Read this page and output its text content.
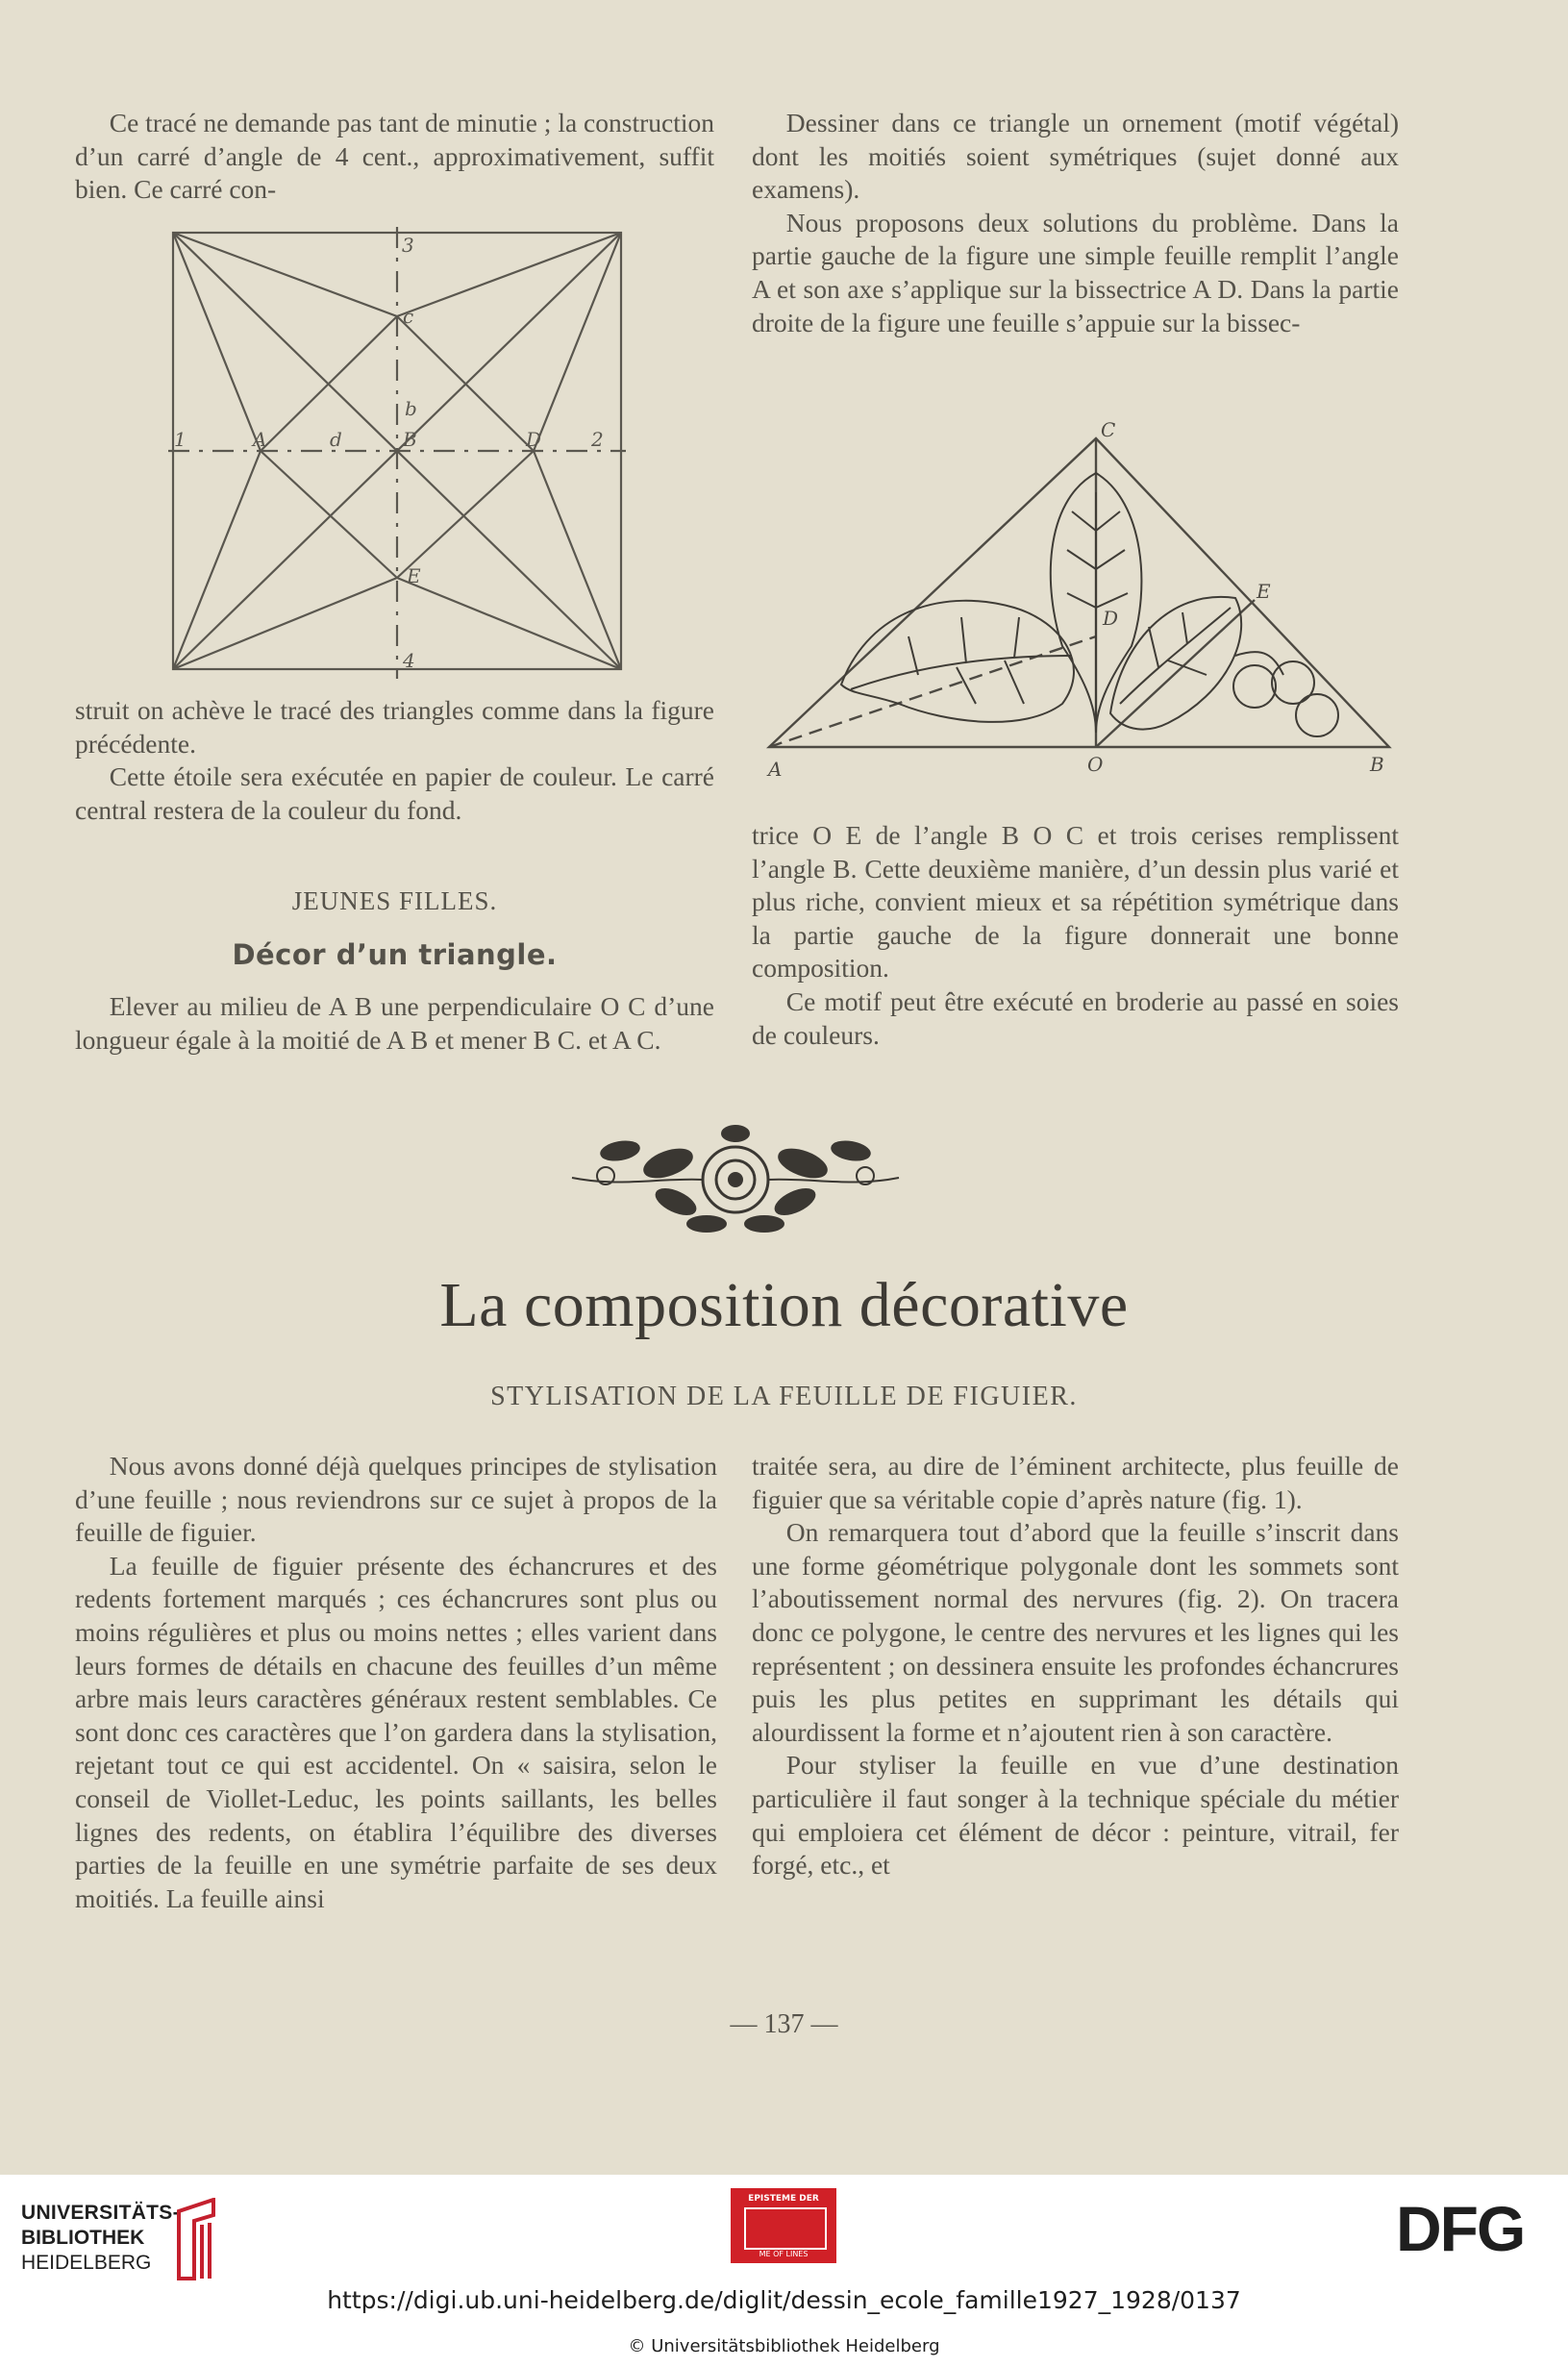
Ce tracé ne demande pas tant de minutie ; la construction d’un carré d’angle de 4 cent., approximativement, suffit bien. Ce carré con-

3
c
b
1	A	d	B	D	2
E
4

struit on achève le tracé des triangles comme dans la figure précédente.

Cette étoile sera exécutée en papier de couleur. Le carré central restera de la couleur du fond.

JEUNES FILLES.
Décor d’un triangle.

Elever au milieu de A B une perpendiculaire O C d’une longueur égale à la moitié de A B et mener B C. et A C.

Dessiner dans ce triangle un ornement (motif végétal) dont les moitiés soient symétriques (sujet donné aux examens).

Nous proposons deux solutions du problème. Dans la partie gauche de la figure une simple feuille remplit l’angle A et son axe s’applique sur la bissectrice A D. Dans la partie droite de la figure une feuille s’appuie sur la bissec-

C
A	O	B
D
E

trice O E de l’angle B O C et trois cerises remplissent l’angle B. Cette deuxième manière, d’un dessin plus varié et plus riche, convient mieux et sa répétition symétrique dans la partie gauche de la figure donnerait une bonne composition.

Ce motif peut être exécuté en broderie au passé en soies de couleurs.

La composition décorative
STYLISATION DE LA FEUILLE DE FIGUIER.

Nous avons donné déjà quelques principes de stylisation d’une feuille ; nous reviendrons sur ce sujet à propos de la feuille de figuier.

La feuille de figuier présente des échancrures et des redents fortement marqués ; ces échancrures sont plus ou moins régulières et plus ou moins nettes ; elles varient dans leurs formes de détails en chacune des feuilles d’un même arbre mais leurs caractères généraux restent semblables. Ce sont donc ces caractères que l’on gardera dans la stylisation, rejetant tout ce qui est accidentel. On « saisira, selon le conseil de Viollet-Leduc, les points saillants, les belles lignes des redents, on établira l’équilibre des diverses parties de la feuille en une symétrie parfaite de ses deux moitiés. La feuille ainsi

traitée sera, au dire de l’éminent architecte, plus feuille de figuier que sa véritable copie d’après nature (fig. 1).

On remarquera tout d’abord que la feuille s’inscrit dans une forme géométrique polygonale dont les sommets sont l’aboutissement normal des nervures (fig. 2). On tracera donc ce polygone, le centre des nervures et les lignes qui les représentent ; on dessinera ensuite les profondes échancrures puis les plus petites en supprimant les détails qui alourdissent la forme et n’ajoutent rien à son caractère.

Pour styliser la feuille en vue d’une destination particulière il faut songer à la technique spéciale du métier qui emploiera cet élément de décor : peinture, vitrail, fer forgé, etc., et

— 137 —
UNIVERSITÄTS-
BIBLIOTHEK
HEIDELBERG
EPISTEME DER
ME OF LINES	DFG
https://digi.ub.uni-heidelberg.de/diglit/dessin_ecole_famille1927_1928/0137
© Universitätsbibliothek Heidelberg
